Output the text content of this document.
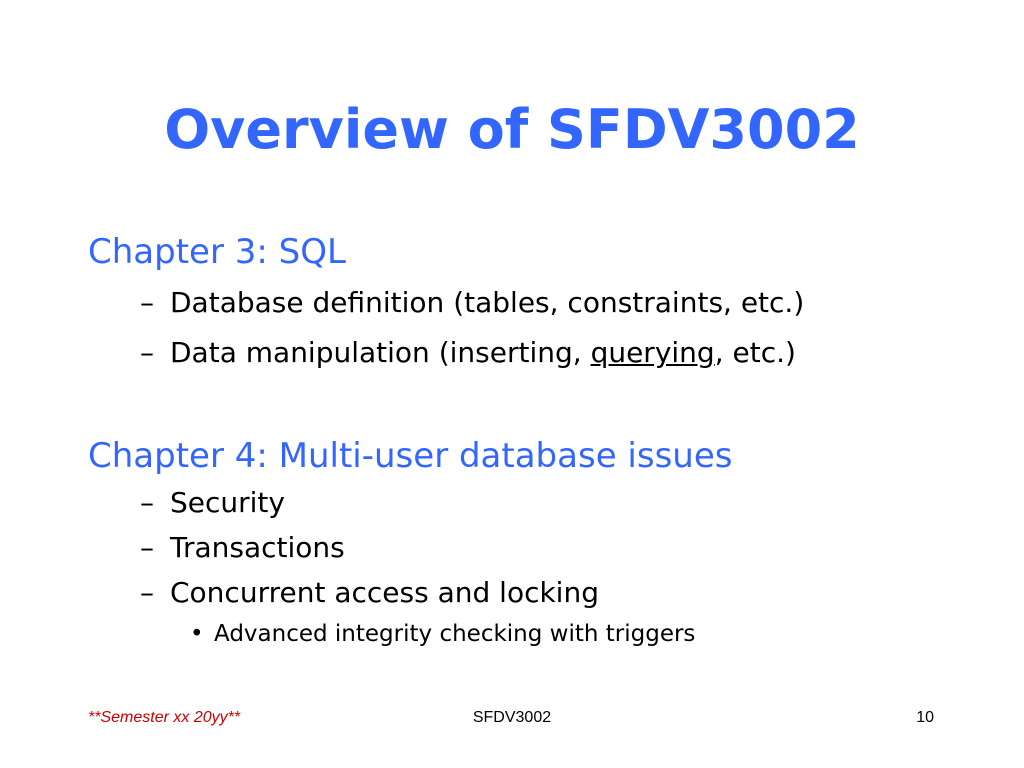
Overview of SFDV3002
Chapter 3: SQL
– Database definition (tables, constraints, etc.)
– Data manipulation (inserting, querying, etc.)
Chapter 4: Multi-user database issues
– Security
– Transactions
– Concurrent access and locking
• Advanced integrity checking with triggers
**Semester xx 20yy**	SFDV3002	10
